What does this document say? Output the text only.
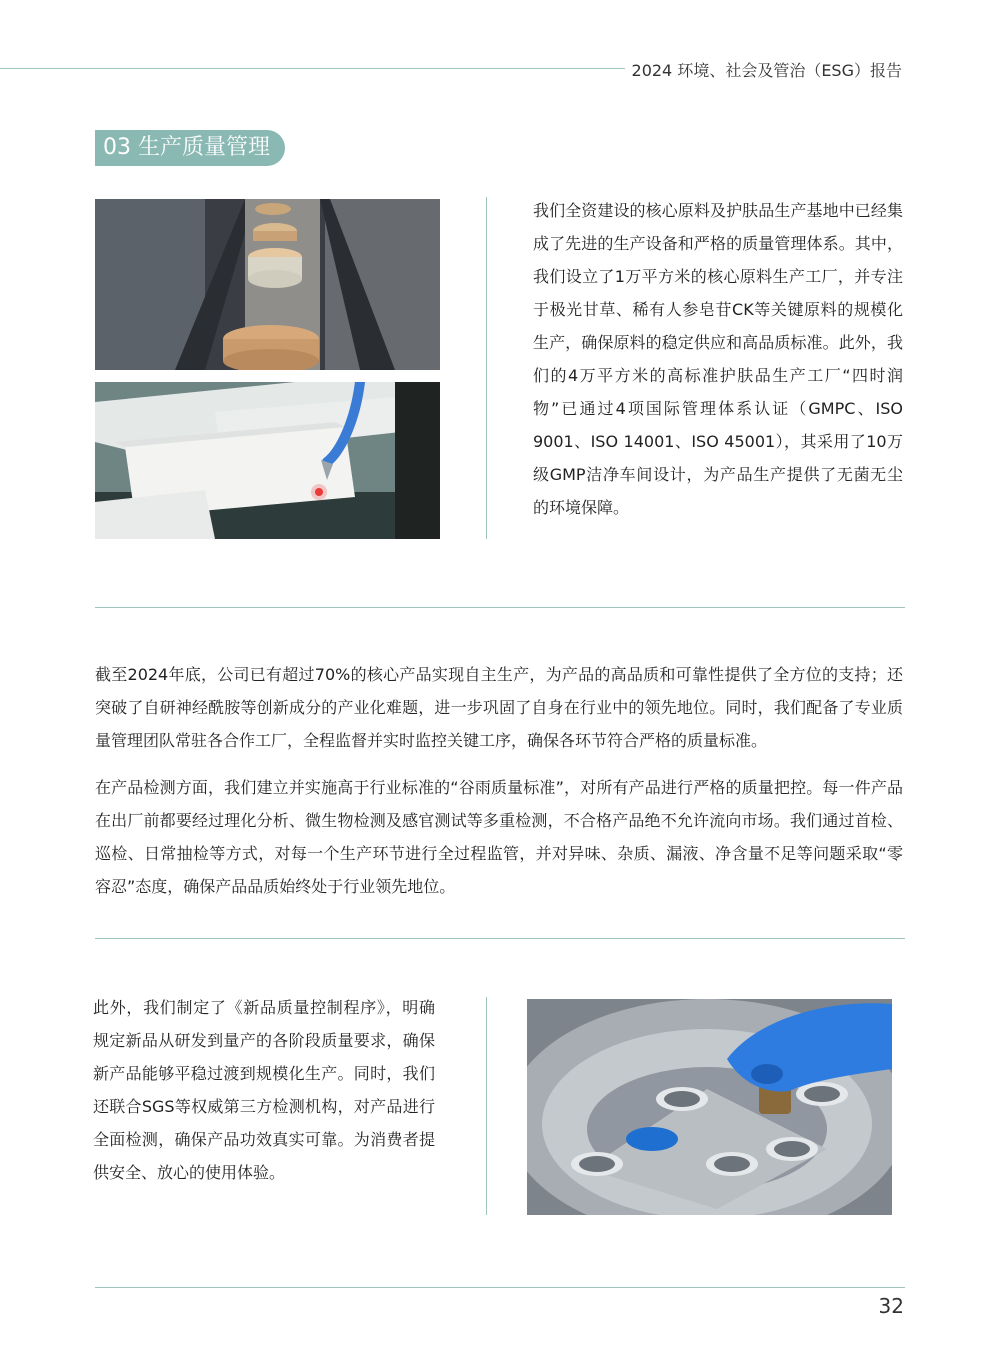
2024 环境、社会及管治（ESG）报告
03 生产质量管理

我们全资建设的核心原料及护肤品生产基地中已经集成了先进的生产设备和严格的质量管理体系。其中，我们设立了1万平方米的核心原料生产工厂，并专注于极光甘草、稀有人参皂苷CK等关键原料的规模化生产，确保原料的稳定供应和高品质标准。此外，我们的4万平方米的高标准护肤品生产工厂“四时润物”已通过4项国际管理体系认证（GMPC、ISO 9001、ISO 14001、ISO 45001），其采用了10万级GMP洁净车间设计，为产品生产提供了无菌无尘的环境保障。

截至2024年底，公司已有超过70%的核心产品实现自主生产，为产品的高品质和可靠性提供了全方位的支持；还突破了自研神经酰胺等创新成分的产业化难题，进一步巩固了自身在行业中的领先地位。同时，我们配备了专业质量管理团队常驻各合作工厂，全程监督并实时监控关键工序，确保各环节符合严格的质量标准。

在产品检测方面，我们建立并实施高于行业标准的“谷雨质量标准”，对所有产品进行严格的质量把控。每一件产品在出厂前都要经过理化分析、微生物检测及感官测试等多重检测，不合格产品绝不允许流向市场。我们通过首检、巡检、日常抽检等方式，对每一个生产环节进行全过程监管，并对异味、杂质、漏液、净含量不足等问题采取“零容忍”态度，确保产品品质始终处于行业领先地位。

此外，我们制定了《新品质量控制程序》，明确规定新品从研发到量产的各阶段质量要求，确保新产品能够平稳过渡到规模化生产。同时，我们还联合SGS等权威第三方检测机构，对产品进行全面检测，确保产品功效真实可靠。为消费者提供安全、放心的使用体验。

32
